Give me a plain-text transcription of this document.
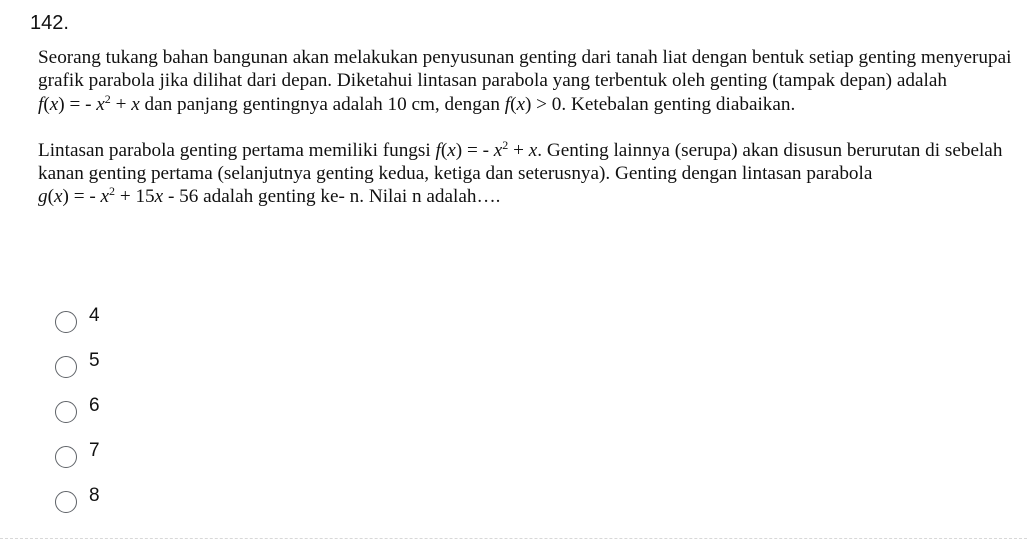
142.

Seorang tukang bahan bangunan akan melakukan penyusunan genting dari tanah liat dengan bentuk setiap genting menyerupai grafik parabola jika dilihat dari depan. Diketahui lintasan parabola yang terbentuk oleh genting (tampak depan) adalah f(x) = - $x^2 + x$ dan panjang gentingnya adalah 10 cm, dengan f(x) > 0. Ketebalan genting diabaikan.

Lintasan parabola genting pertama memiliki fungsi f(x) = - $x^2 + x$. Genting lainnya (serupa) akan disusun berurutan di sebelah kanan genting pertama (selanjutnya genting kedua, ketiga dan seterusnya). Genting dengan lintasan parabola g(x) = - $x^2 + 15x - 56$ adalah genting ke- n. Nilai n adalah….

4
5
6
7
8
